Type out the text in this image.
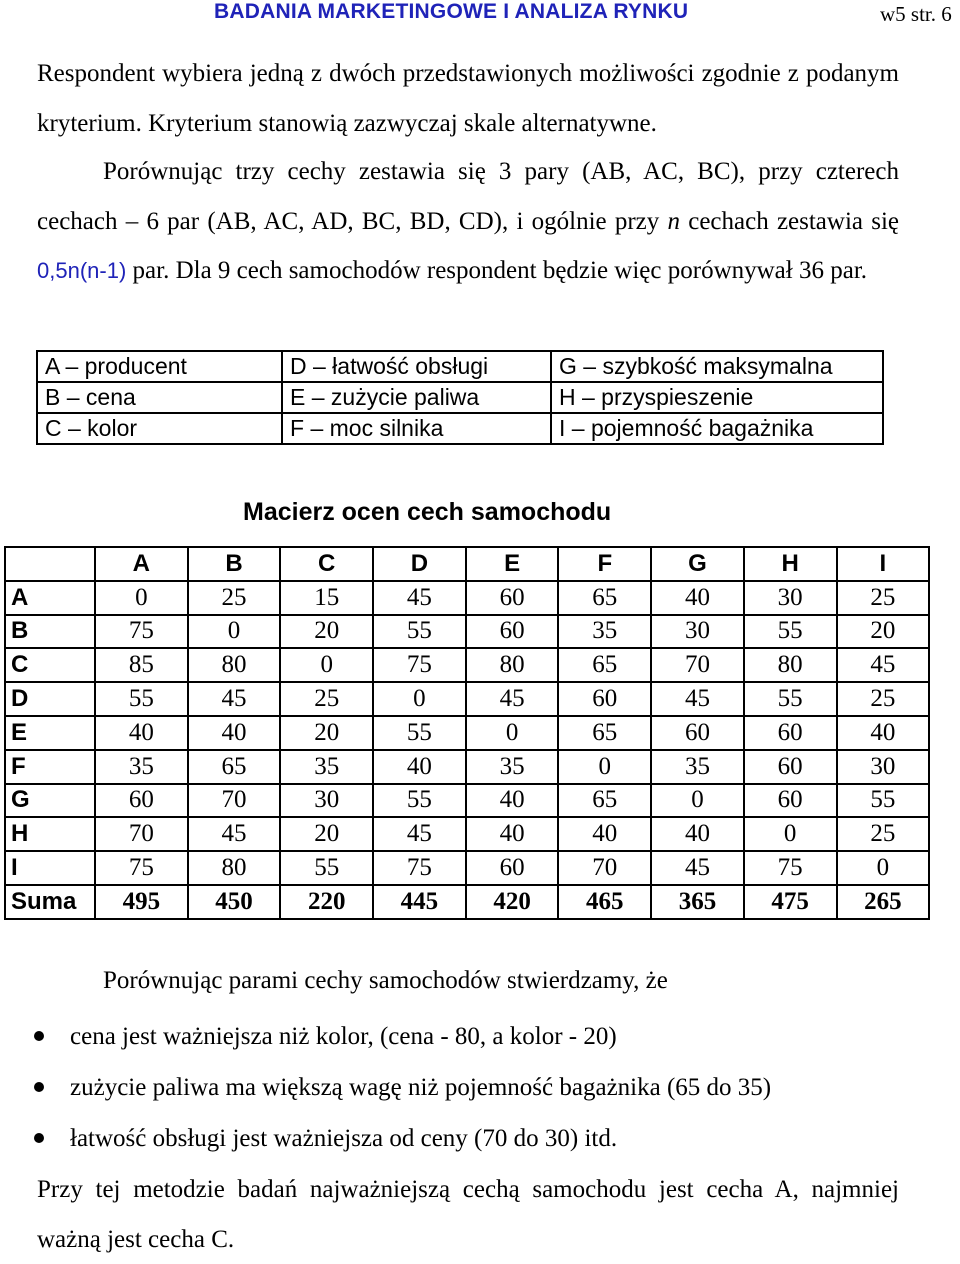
BADANIA MARKETINGOWE I ANALIZA RYNKU	w5 str. 6
Respondent wybiera jedną z dwóch przedstawionych możliwości zgodnie z podanym kryterium. Kryterium stanowią zazwyczaj skale alternatywne.
Porównując trzy cechy zestawia się 3 pary (AB, AC, BC), przy czterech cechach – 6 par (AB, AC, AD, BC, BD, CD), i ogólnie przy n cechach zestawia się 0,5n(n-1) par. Dla 9 cech samochodów respondent będzie więc porównywał 36 par.
A – producent	D – łatwość obsługi	G – szybkość maksymalna
B – cena	E – zużycie paliwa	H – przyspieszenie
C – kolor	F – moc silnika	I – pojemność bagażnika
Macierz ocen cech samochodu
	A	B	C	D	E	F	G	H	I
A	0	25	15	45	60	65	40	30	25
B	75	0	20	55	60	35	30	55	20
C	85	80	0	75	80	65	70	80	45
D	55	45	25	0	45	60	45	55	25
E	40	40	20	55	0	65	60	60	40
F	35	65	35	40	35	0	35	60	30
G	60	70	30	55	40	65	0	60	55
H	70	45	20	45	40	40	40	0	25
I	75	80	55	75	60	70	45	75	0
Suma	495	450	220	445	420	465	365	475	265
Porównując parami cechy samochodów stwierdzamy, że
cena jest ważniejsza niż kolor, (cena - 80, a kolor - 20)
zużycie paliwa ma większą wagę niż pojemność bagażnika (65 do 35)
łatwość obsługi jest ważniejsza od ceny (70 do 30) itd.
Przy tej metodzie badań najważniejszą cechą samochodu jest cecha A, najmniej ważną jest cecha C.
